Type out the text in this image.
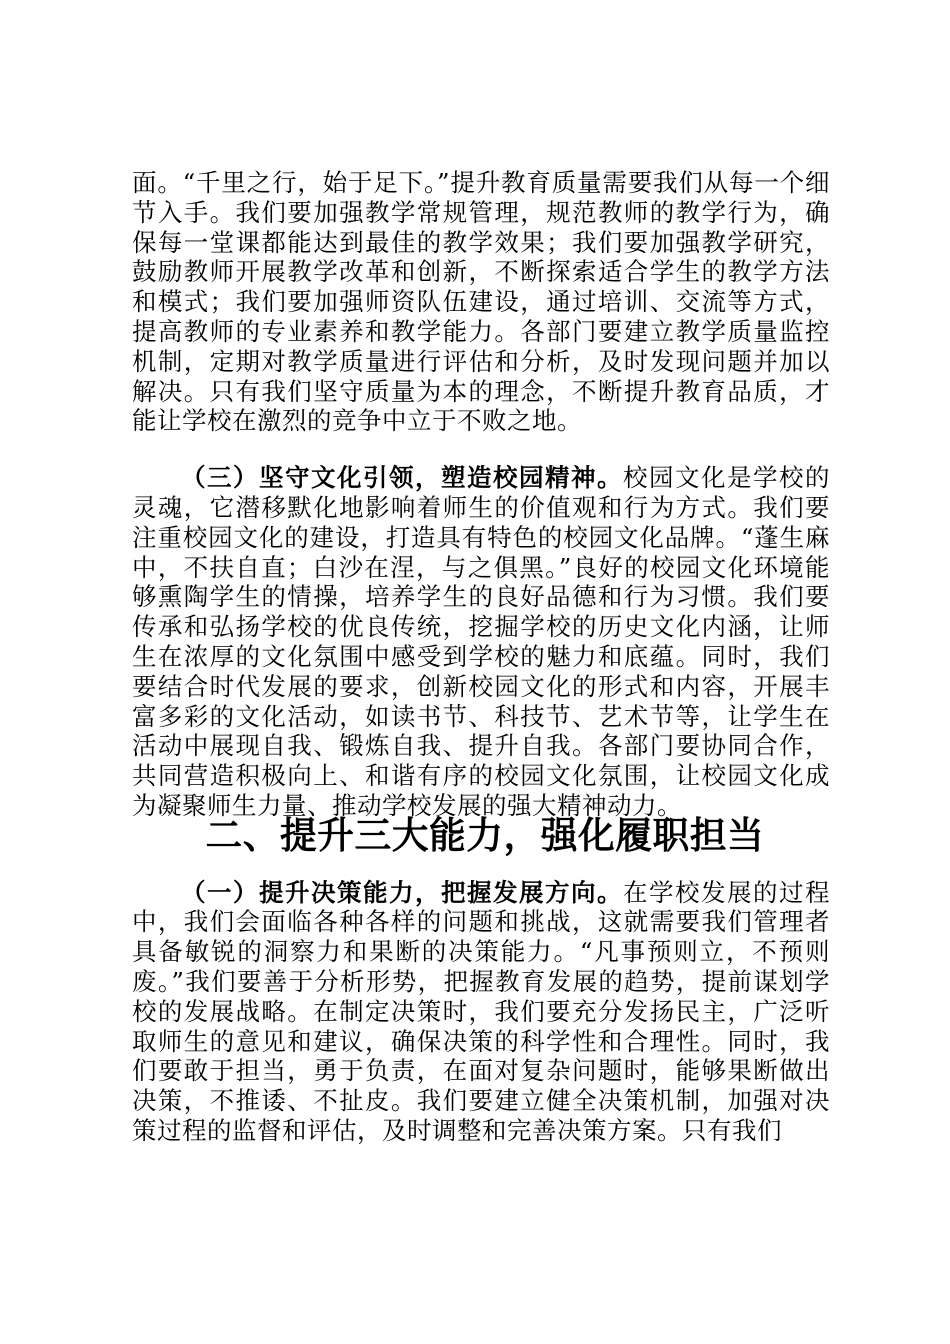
面。“千里之行，始于足下。”提升教育质量需要我们从每一个细节入手。我们要加强教学常规管理，规范教师的教学行为，确保每一堂课都能达到最佳的教学效果；我们要加强教学研究，鼓励教师开展教学改革和创新，不断探索适合学生的教学方法和模式；我们要加强师资队伍建设，通过培训、交流等方式，提高教师的专业素养和教学能力。各部门要建立教学质量监控机制，定期对教学质量进行评估和分析，及时发现问题并加以解决。只有我们坚守质量为本的理念，不断提升教育品质，才能让学校在激烈的竞争中立于不败之地。

（三）坚守文化引领，塑造校园精神。校园文化是学校的灵魂，它潜移默化地影响着师生的价值观和行为方式。我们要注重校园文化的建设，打造具有特色的校园文化品牌。“蓬生麻中，不扶自直；白沙在涅，与之俱黑。”良好的校园文化环境能够熏陶学生的情操，培养学生的良好品德和行为习惯。我们要传承和弘扬学校的优良传统，挖掘学校的历史文化内涵，让师生在浓厚的文化氛围中感受到学校的魅力和底蕴。同时，我们要结合时代发展的要求，创新校园文化的形式和内容，开展丰富多彩的文化活动，如读书节、科技节、艺术节等，让学生在活动中展现自我、锻炼自我、提升自我。各部门要协同合作，共同营造积极向上、和谐有序的校园文化氛围，让校园文化成为凝聚师生力量、推动学校发展的强大精神动力。

二、提升三大能力，强化履职担当

（一）提升决策能力，把握发展方向。在学校发展的过程中，我们会面临各种各样的问题和挑战，这就需要我们管理者具备敏锐的洞察力和果断的决策能力。“凡事预则立，不预则废。”我们要善于分析形势，把握教育发展的趋势，提前谋划学校的发展战略。在制定决策时，我们要充分发扬民主，广泛听取师生的意见和建议，确保决策的科学性和合理性。同时，我们要敢于担当，勇于负责，在面对复杂问题时，能够果断做出决策，不推诿、不扯皮。我们要建立健全决策机制，加强对决策过程的监督和评估，及时调整和完善决策方案。只有我们
